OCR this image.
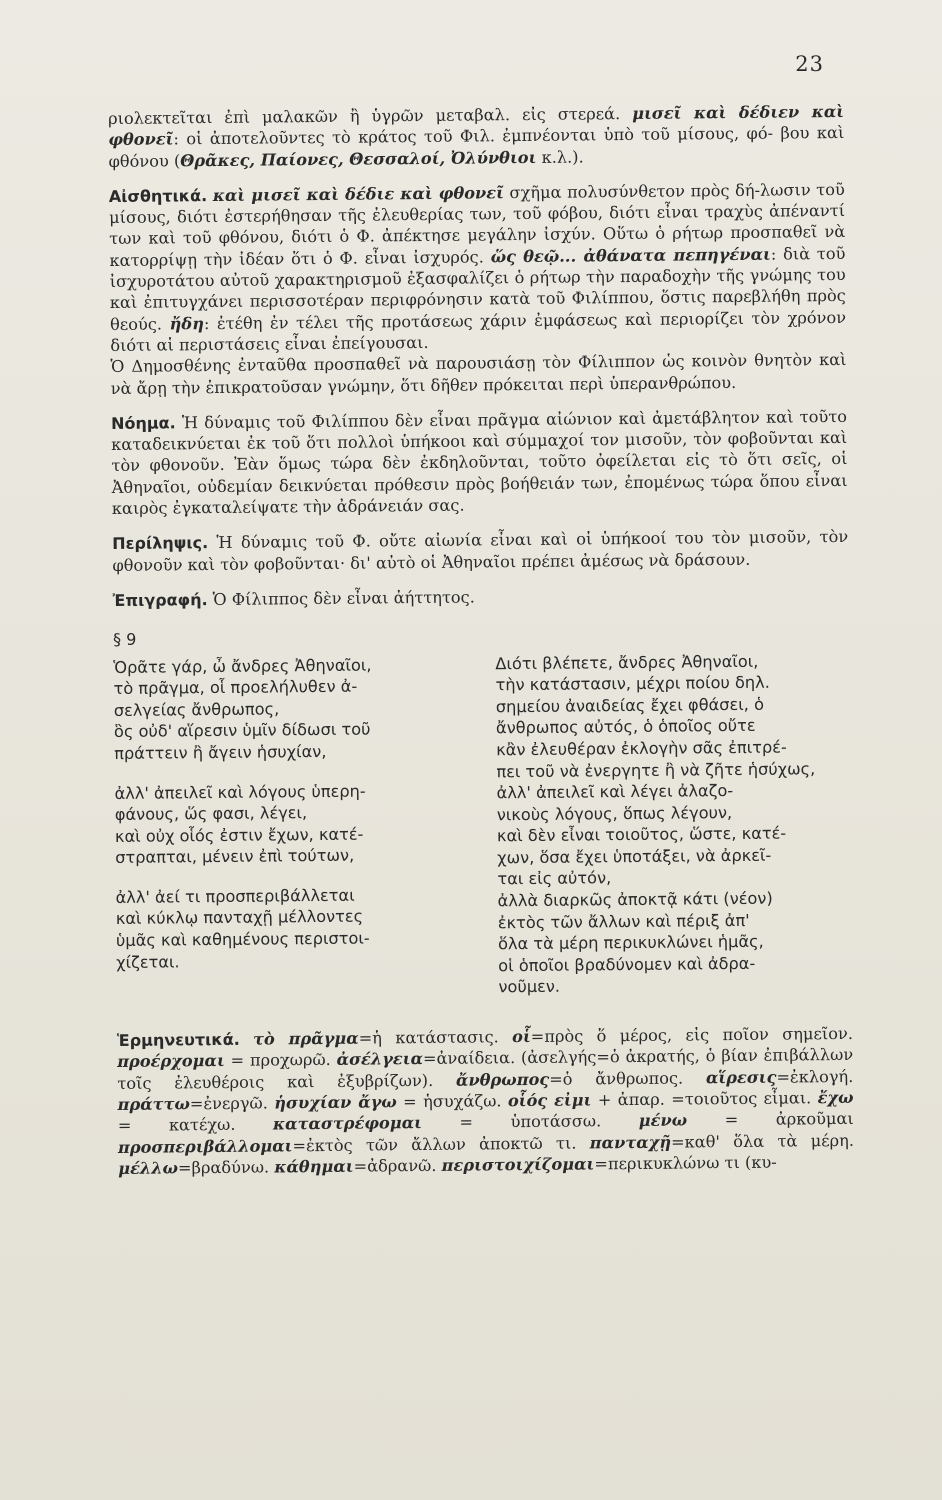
23
ριολεκτεῖται ἐπὶ μαλακῶν ἢ ὑγρῶν μεταβαλ. εἰς στερεά. μισεῖ καὶ δέδιεν καὶ φθονεῖ: οἱ ἀποτελοῦντες τὸ κράτος τοῦ Φιλ. ἐμπνέονται ὑπὸ τοῦ μίσους, φό- βου καὶ φθόνου (Θρᾶκες, Παίονες, Θεσσαλοί, Ὀλύνθιοι κ.λ.).
Αἰσθητικά. καὶ μισεῖ καὶ δέδιε καὶ φθονεῖ σχῆμα πολυσύνθετον πρὸς δή-λωσιν τοῦ μίσους, διότι ἐστερήθησαν τῆς ἐλευθερίας των, τοῦ φόβου, διότι εἶναι τραχὺς ἀπέναντί των καὶ τοῦ φθόνου, διότι ὁ Φ. ἀπέκτησε μεγάλην ἰσχύν. Οὕτω ὁ ρήτωρ προσπαθεῖ νὰ κατορρίψῃ τὴν ἰδέαν ὅτι ὁ Φ. εἶναι ἰσχυρός. ὥς θεῷ... ἀθάνατα πεπηγέναι: διὰ τοῦ ἰσχυροτάτου αὐτοῦ χαρακτηρισμοῦ ἐξασφαλίζει ὁ ρήτωρ τὴν παραδοχὴν τῆς γνώμης του καὶ ἐπιτυγχάνει περισσοτέραν περιφρόνησιν κατὰ τοῦ Φιλίππου, ὅστις παρεβλήθη πρὸς θεούς. ἤδη: ἐτέθη ἐν τέλει τῆς προτάσεως χάριν ἐμφάσεως καὶ περιορίζει τὸν χρόνον διότι αἱ περιστάσεις εἶναι ἐπείγουσαι.

Ὁ Δημοσθένης ἐνταῦθα προσπαθεῖ νὰ παρουσιάσῃ τὸν Φίλιππον ὡς κοινὸν θνητὸν καὶ νὰ ἄρῃ τὴν ἐπικρατοῦσαν γνώμην, ὅτι δῆθεν πρόκειται περὶ ὑπερανθρώπου.

Νόημα. Ἡ δύναμις τοῦ Φιλίππου δὲν εἶναι πρᾶγμα αἰώνιον καὶ ἀμετάβλητον καὶ τοῦτο καταδεικνύεται ἐκ τοῦ ὅτι πολλοὶ ὑπήκοοι καὶ σύμμαχοί τον μισοῦν, τὸν φοβοῦνται καὶ τὸν φθονοῦν. Ἐὰν ὅμως τώρα δὲν ἐκδηλοῦνται, τοῦτο ὀφείλεται εἰς τὸ ὅτι σεῖς, οἱ Ἀθηναῖοι, οὐδεμίαν δεικνύεται πρόθεσιν πρὸς βοήθειάν των, ἐπομένως τώρα ὅπου εἶναι καιρὸς ἐγκαταλείψατε τὴν ἀδράνειάν σας.
Περίληψις. Ἡ δύναμις τοῦ Φ. οὔτε αἰωνία εἶναι καὶ οἱ ὑπήκοοί του τὸν μισοῦν, τὸν φθονοῦν καὶ τὸν φοβοῦνται· δι' αὐτὸ οἱ Ἀθηναῖοι πρέπει ἀμέσως νὰ δράσουν.
Ἐπιγραφή. Ὁ Φίλιππος δὲν εἶναι ἀήττητος.
§ 9

Ὁρᾶτε γάρ, ὦ ἄνδρες Ἀθηναῖοι,
τὸ πρᾶγμα, οἷ προελήλυθεν ἀ-
σελγείας ἄνθρωπος,
ὃς οὐδ' αἵρεσιν ὑμῖν δίδωσι τοῦ
πράττειν ἢ ἄγειν ἡσυχίαν,

ἀλλ' ἀπειλεῖ καὶ λόγους ὑπερη-
φάνους, ὥς φασι, λέγει,
καὶ οὐχ οἷός ἐστιν ἔχων, κατέ-
στραπται, μένειν ἐπὶ τούτων,

ἀλλ' ἀεί τι προσπεριβάλλεται
καὶ κύκλῳ πανταχῇ μέλλοντες
ὑμᾶς καὶ καθημένους περιστοι-
χίζεται.

Διότι βλέπετε, ἄνδρες Ἀθηναῖοι,
τὴν κατάστασιν, μέχρι ποίου δηλ.
σημείου ἀναιδείας ἔχει φθάσει, ὁ
ἄνθρωπος αὐτός, ὁ ὁποῖος οὔτε
κἂν ἐλευθέραν ἐκλογὴν σᾶς ἐπιτρέ-
πει τοῦ νὰ ἐνεργητε ἢ νὰ ζῆτε ἡσύχως,
ἀλλ' ἀπειλεῖ καὶ λέγει ἀλαζο-
νικοὺς λόγους, ὅπως λέγουν,
καὶ δὲν εἶναι τοιοῦτος, ὥστε, κατέ-
χων, ὅσα ἔχει ὑποτάξει, νὰ ἀρκεῖ-
ται εἰς αὐτόν,
ἀλλὰ διαρκῶς ἀποκτᾷ κάτι (νέον)
ἐκτὸς τῶν ἄλλων καὶ πέριξ ἀπ'
ὅλα τὰ μέρη περικυκλώνει ἡμᾶς,
οἱ ὁποῖοι βραδύνομεν καὶ ἀδρα-
νοῦμεν.

Ἑρμηνευτικά. τὸ πρᾶγμα=ἡ κατάστασις. οἷ=πρὸς ὅ μέρος, εἰς ποῖον σημεῖον. προέρχομαι = προχωρῶ. ἀσέλγεια=ἀναίδεια. (ἀσελγής=ὁ ἀκρατής, ὁ βίαν ἐπιβάλλων τοῖς ἐλευθέροις καὶ ἐξυβρίζων). ἄνθρωπος=ὁ ἄνθρωπος. αἵρεσις=ἐκλογή. πράττω=ἐνεργῶ. ἡσυχίαν ἄγω = ἡσυχάζω. οἷός εἰμι + ἀπαρ. =τοιοῦτος εἶμαι. ἔχω = κατέχω. καταστρέφομαι = ὑποτάσσω. μένω = ἀρκοῦμαι προσπεριβάλλομαι=ἐκτὸς τῶν ἄλλων ἀποκτῶ τι. πανταχῇ=καθ' ὅλα τὰ μέρη. μέλλω=βραδύνω. κάθημαι=ἀδρανῶ. περιστοιχίζομαι=περικυκλώνω τι (κυ-
